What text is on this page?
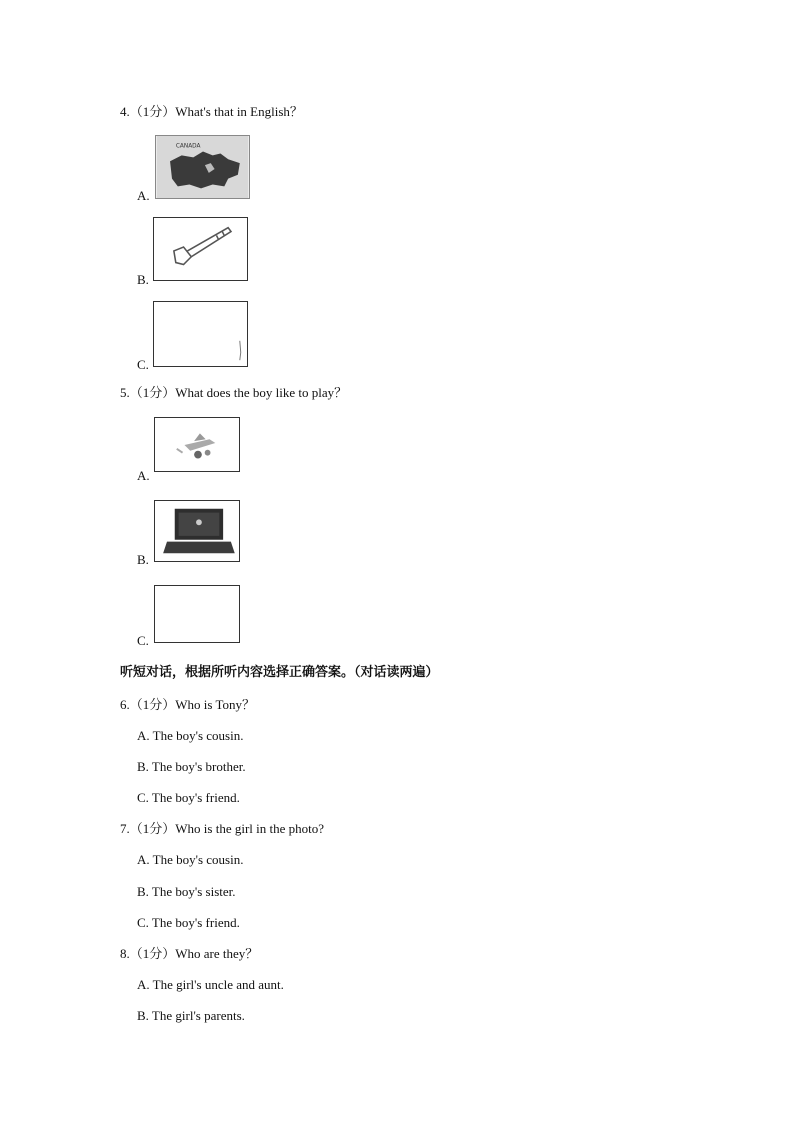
4.（1分）What's that in English？
A.
CANADA
B.
C.
5.（1分）What does the boy like to play？
A.
B.
C.
听短对话，根据所听内容选择正确答案。（对话读两遍）
6.（1分）Who is Tony？
A. The boy's cousin.
B. The boy's brother.
C. The boy's friend.
7.（1分）Who is the girl in the photo?
A. The boy's cousin.
B. The boy's sister.
C. The boy's friend.
8.（1分）Who are they？
A. The girl's uncle and aunt.
B. The girl's parents.
